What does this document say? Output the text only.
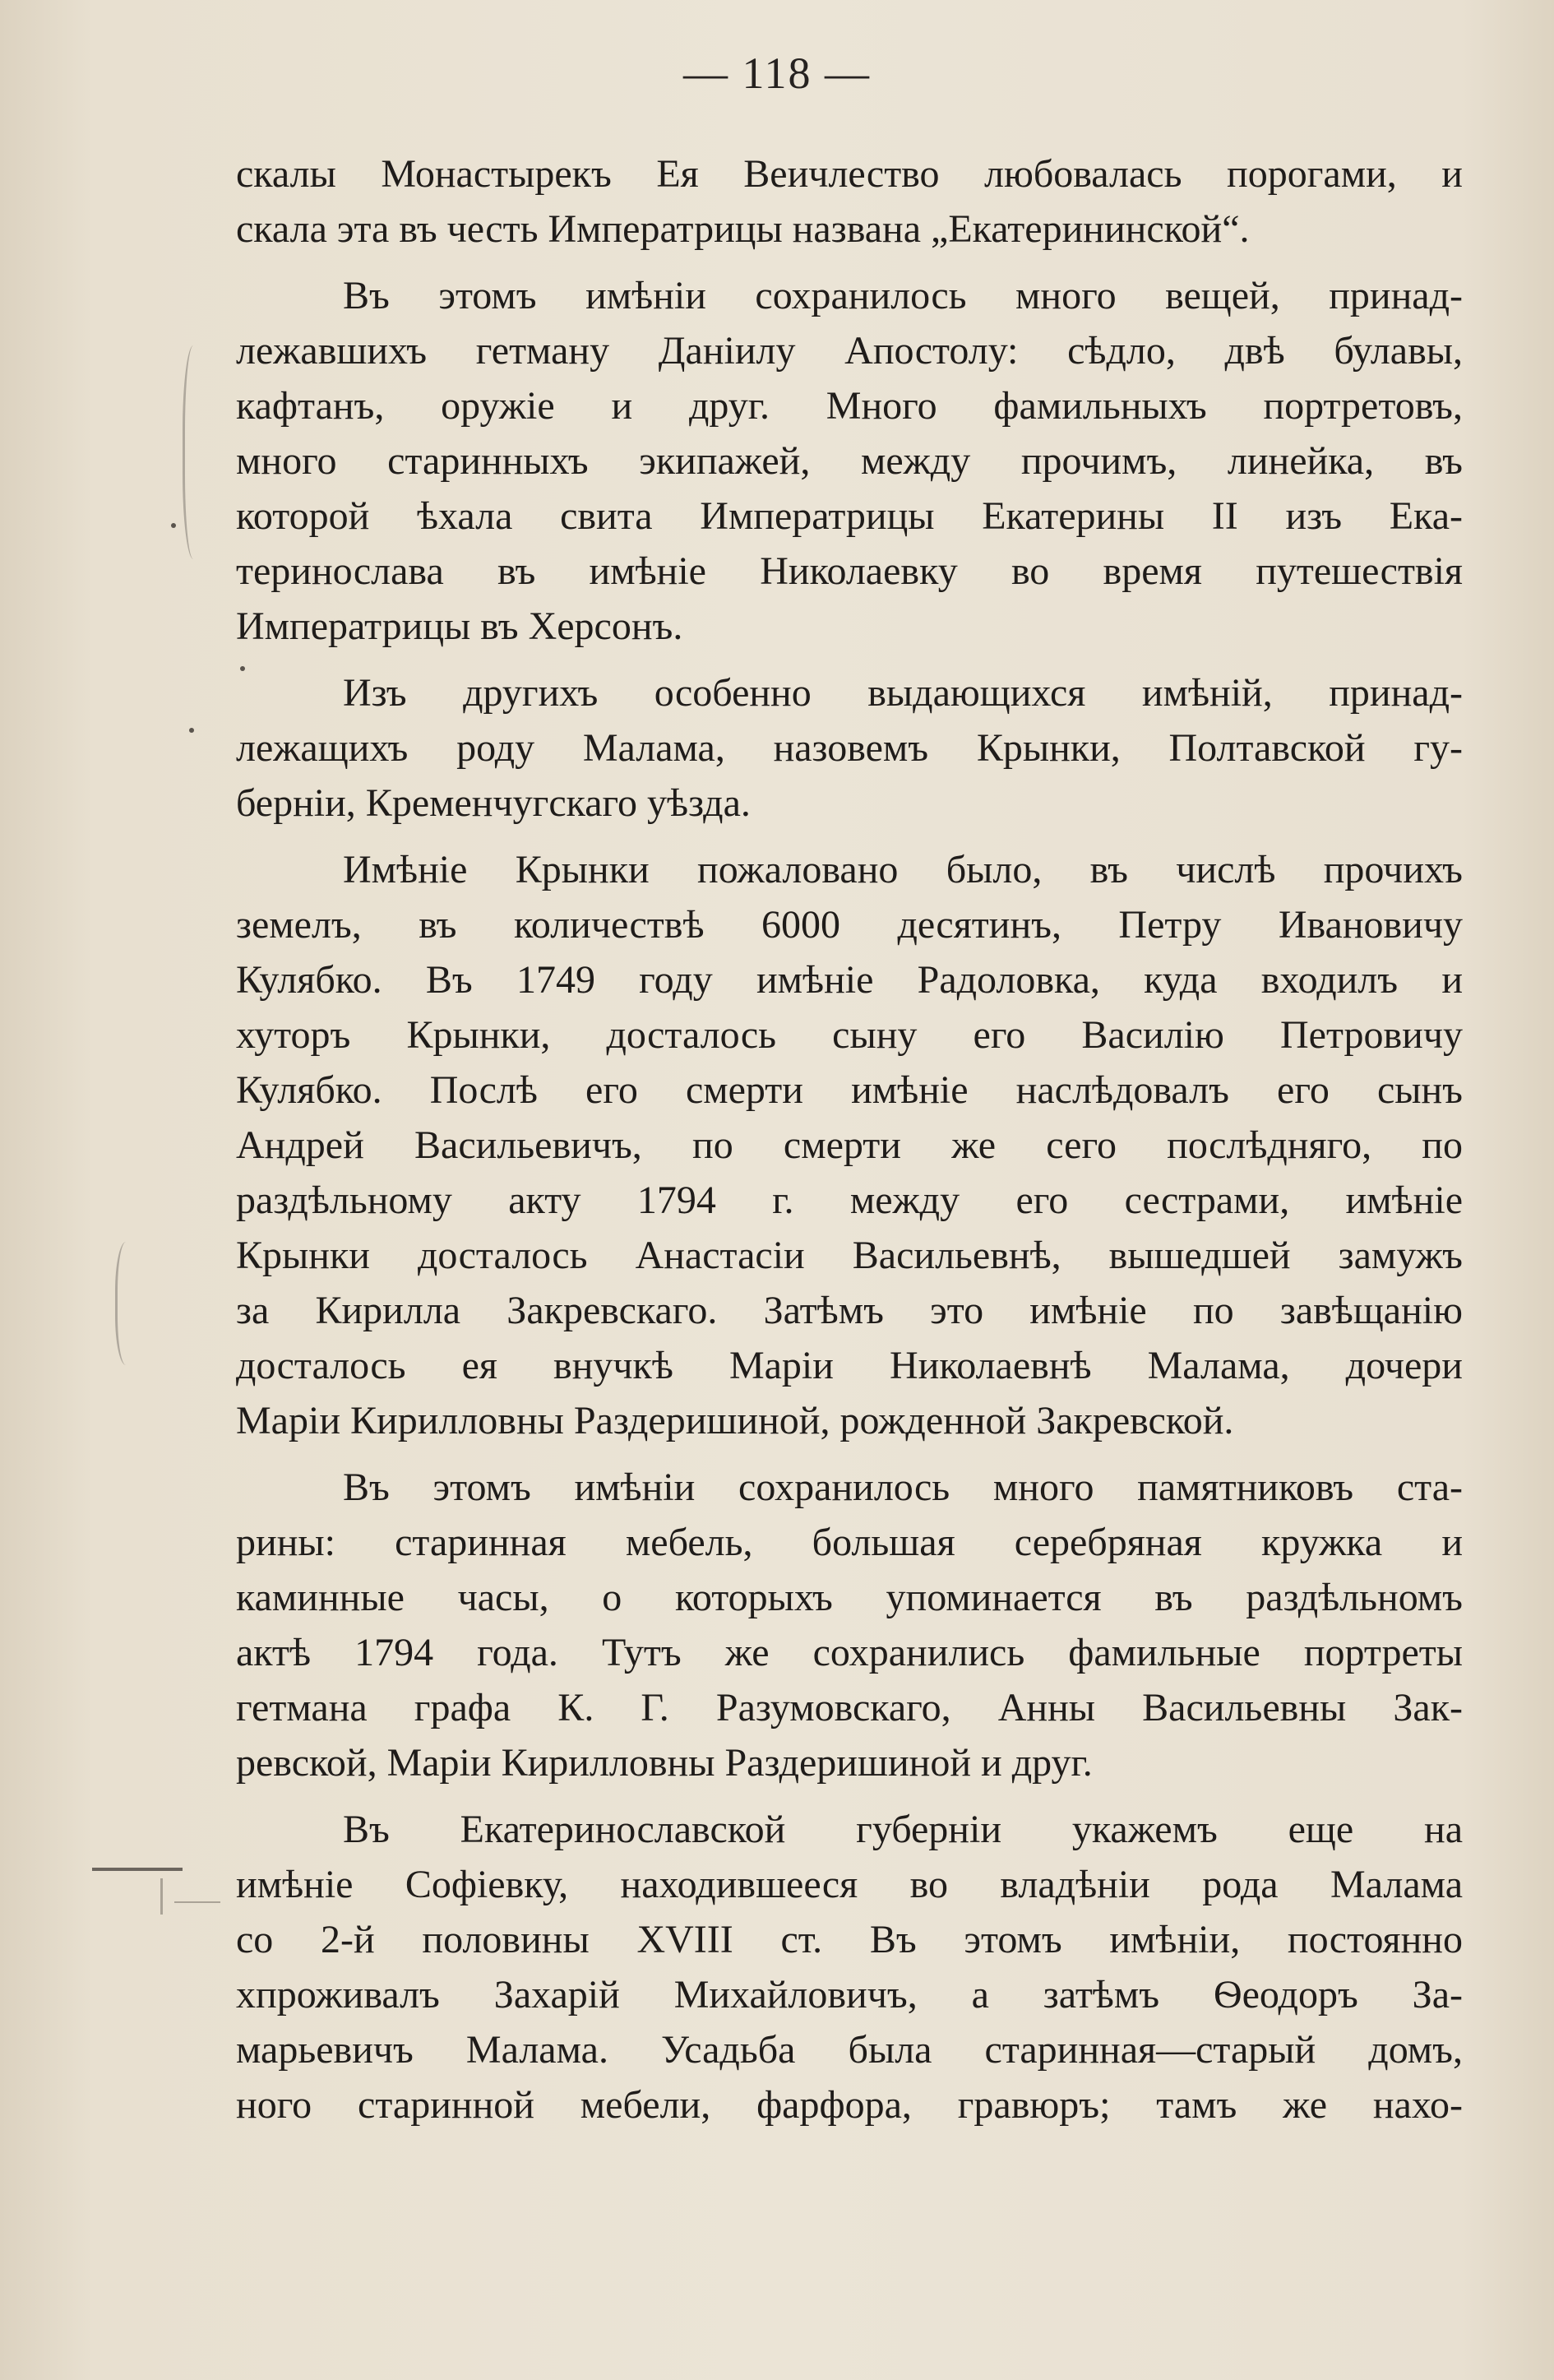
— 118 —
скалы Монастырекъ Ея Веичлество любовалась порогами, и
скала эта въ честь Императрицы названа „Екатерининской“.
Въ этомъ имѣніи сохранилось много вещей, принад-
лежавшихъ гетману Даніилу Апостолу: сѣдло, двѣ булавы,
кафтанъ, оружіе и друг. Много фамильныхъ портретовъ,
много старинныхъ экипажей, между прочимъ, линейка, въ
которой ѣхала свита Императрицы Екатерины II изъ Ека-
теринослава въ имѣніе Николаевку во время путешествія
Императрицы въ Херсонъ.
Изъ другихъ особенно выдающихся имѣній, принад-
лежащихъ роду Малама, назовемъ Крынки, Полтавской гу-
берніи, Кременчугскаго уѣзда.
Имѣніе Крынки пожаловано было, въ числѣ прочихъ
земелъ, въ количествѣ 6000 десятинъ, Петру Ивановичу
Кулябко. Въ 1749 году имѣніе Радоловка, куда входилъ и
хуторъ Крынки, досталось сыну его Василію Петровичу
Кулябко. Послѣ его смерти имѣніе наслѣдовалъ его сынъ
Андрей Васильевичъ, по смерти же сего послѣдняго, по
раздѣльному акту 1794 г. между его сестрами, имѣніе
Крынки досталось Анастасіи Васильевнѣ, вышедшей замужъ
за Кирилла Закревскаго. Затѣмъ это имѣніе по завѣщанію
досталось ея внучкѣ Маріи Николаевнѣ Малама, дочери
Маріи Кирилловны Раздеришиной, рожденной Закревской.
Въ этомъ имѣніи сохранилось много памятниковъ ста-
рины: старинная мебель, большая серебряная кружка и
каминные часы, о которыхъ упоминается въ раздѣльномъ
актѣ 1794 года. Тутъ же сохранились фамильные портреты
гетмана графа К. Г. Разумовскаго, Анны Васильевны Зак-
ревской, Маріи Кирилловны Раздеришиной и друг.
Въ Екатеринославской губерніи укажемъ еще на
имѣніе Софіевку, находившееся во владѣніи рода Малама
со 2-й половины XVIII ст. Въ этомъ имѣніи, постоянно
хпроживалъ Захарій Михайловичъ, а затѣмъ Ѳеодоръ За-
марьевичъ Малама. Усадьба была старинная—старый домъ,
ного старинной мебели, фарфора, гравюръ; тамъ же нахо-
